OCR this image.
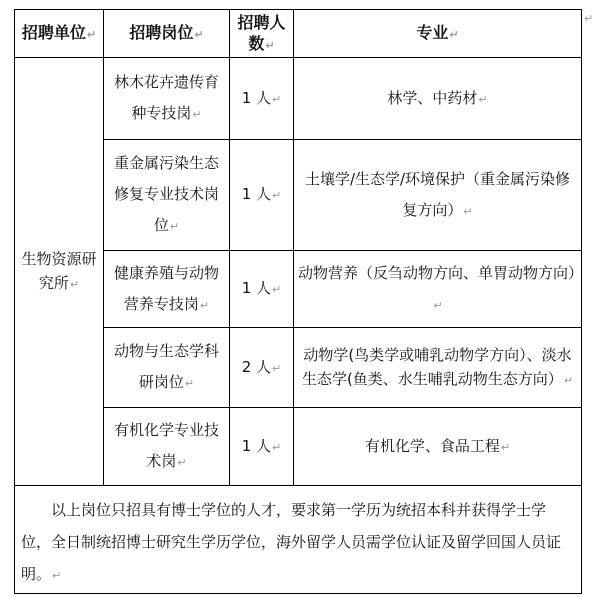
招聘单位↵	招聘岗位↵	招聘人数↵	专业↵
生物资源研究所↵	林木花卉遗传育种专技岗↵	1 人↵	林学、中药材↵
	重金属污染生态修复专业技术岗位↵	1 人↵	土壤学/生态学/环境保护（重金属污染修复方向）↵
	健康养殖与动物营养专技岗↵	1 人↵	动物营养（反刍动物方向、单胃动物方向）↵
	动物与生态学科研岗位↵	2 人↵	动物学(鸟类学或哺乳动物学方向）、淡水生态学(鱼类、水生哺乳动物生态方向）↵
	有机化学专业技术岗↵	1 人↵	有机化学、食品工程↵
以上岗位只招具有博士学位的人才，要求第一学历为统招本科并获得学士学位，全日制统招博士研究生学历学位，海外留学人员需学位认证及留学回国人员证明。↵			
↵
